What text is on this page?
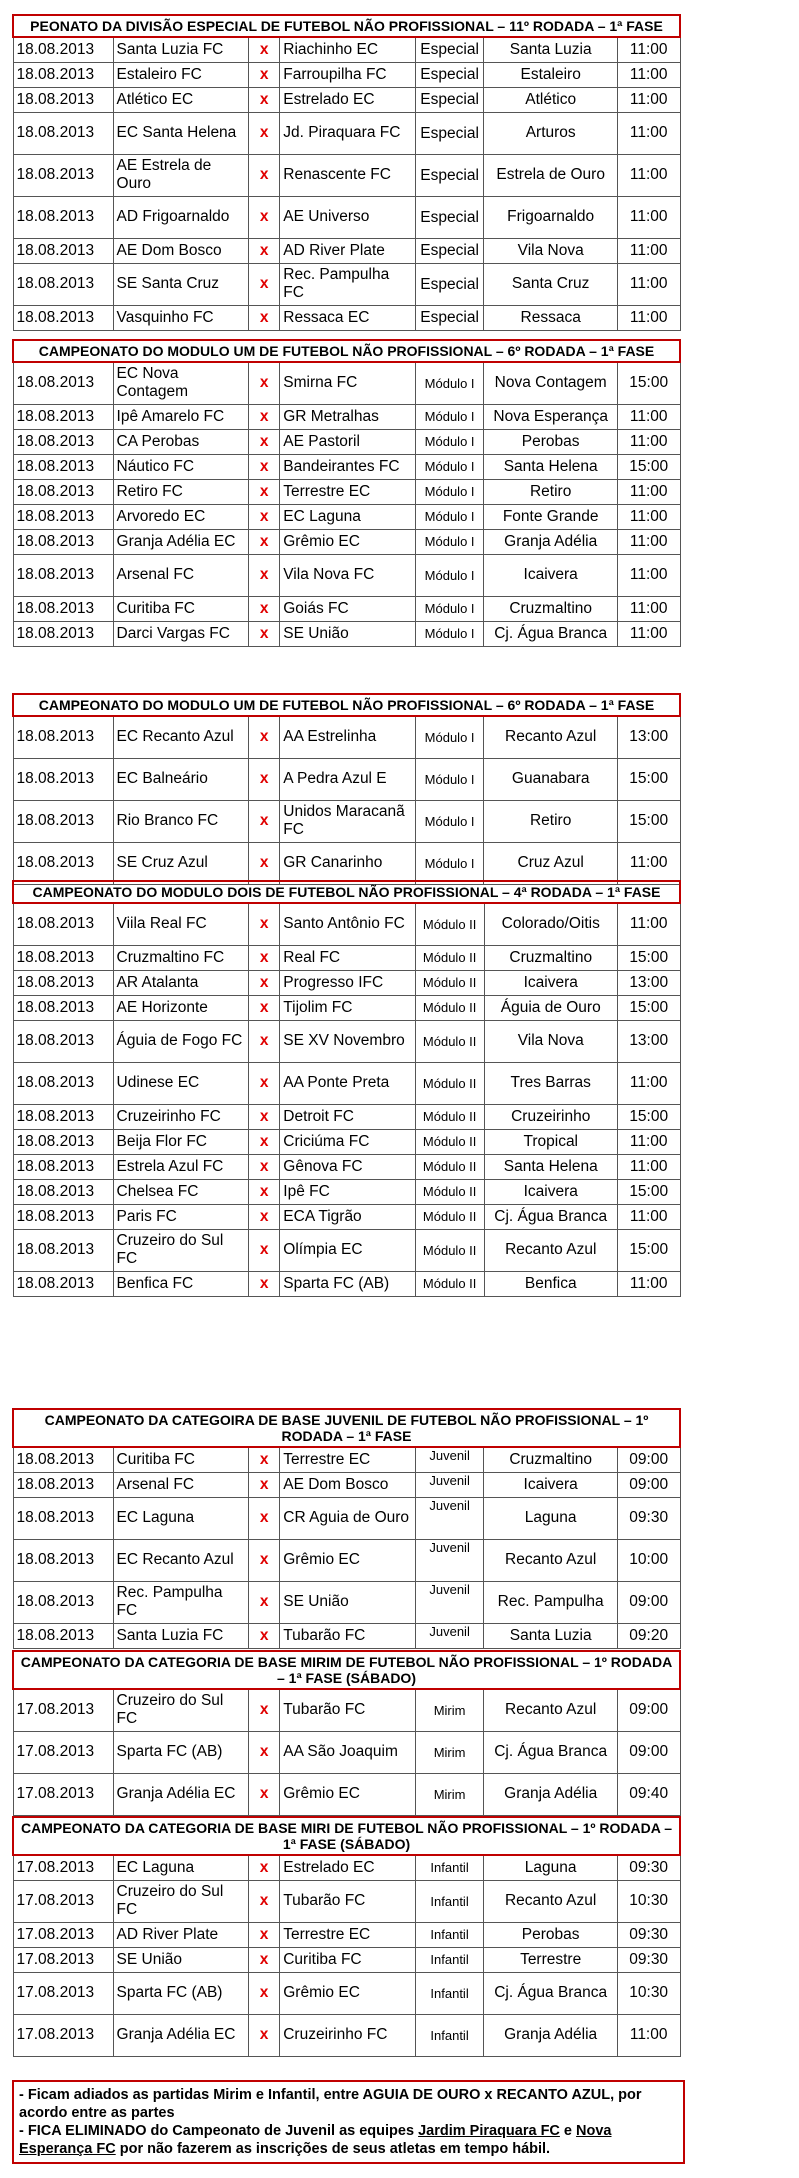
PEONATO DA DIVISÃO ESPECIAL DE FUTEBOL NÃO PROFISSIONAL – 11º RODADA – 1ª FASE						
18.08.2013	Santa Luzia FC	x	Riachinho EC	Especial	Santa Luzia	11:00
18.08.2013	Estaleiro FC	x	Farroupilha FC	Especial	Estaleiro	11:00
18.08.2013	Atlético EC	x	Estrelado EC	Especial	Atlético	11:00
18.08.2013	EC Santa Helena	x	Jd. Piraquara FC	Especial	Arturos	11:00
18.08.2013	AE Estrela de Ouro	x	Renascente FC	Especial	Estrela de Ouro	11:00
18.08.2013	AD Frigoarnaldo	x	AE Universo	Especial	Frigoarnaldo	11:00
18.08.2013	AE Dom Bosco	x	AD River Plate	Especial	Vila Nova	11:00
18.08.2013	SE Santa Cruz	x	Rec. Pampulha FC	Especial	Santa Cruz	11:00
18.08.2013	Vasquinho FC	x	Ressaca EC	Especial	Ressaca	11:00
CAMPEONATO DO MODULO UM DE FUTEBOL NÃO PROFISSIONAL – 6º RODADA – 1ª FASE						
18.08.2013	EC Nova Contagem	x	Smirna FC	Módulo I	Nova Contagem	15:00
18.08.2013	Ipê Amarelo FC	x	GR Metralhas	Módulo I	Nova Esperança	11:00
18.08.2013	CA Perobas	x	AE Pastoril	Módulo I	Perobas	11:00
18.08.2013	Náutico FC	x	Bandeirantes FC	Módulo I	Santa Helena	15:00
18.08.2013	Retiro FC	x	Terrestre EC	Módulo I	Retiro	11:00
18.08.2013	Arvoredo EC	x	EC Laguna	Módulo I	Fonte Grande	11:00
18.08.2013	Granja Adélia EC	x	Grêmio EC	Módulo I	Granja Adélia	11:00
18.08.2013	Arsenal FC	x	Vila Nova FC	Módulo I	Icaivera	11:00
18.08.2013	Curitiba FC	x	Goiás FC	Módulo I	Cruzmaltino	11:00
18.08.2013	Darci Vargas FC	x	SE União	Módulo I	Cj. Água Branca	11:00
CAMPEONATO DO MODULO UM DE FUTEBOL NÃO PROFISSIONAL – 6º RODADA – 1ª FASE						
18.08.2013	EC Recanto Azul	x	AA Estrelinha	Módulo I	Recanto Azul	13:00
18.08.2013	EC Balneário	x	A Pedra Azul E	Módulo I	Guanabara	15:00
18.08.2013	Rio Branco FC	x	Unidos Maracanã FC	Módulo I	Retiro	15:00
18.08.2013	SE Cruz Azul	x	GR Canarinho	Módulo I	Cruz Azul	11:00
CAMPEONATO DO MODULO DOIS DE FUTEBOL NÃO PROFISSIONAL – 4ª RODADA – 1ª FASE						
18.08.2013	Viila Real FC	x	Santo Antônio FC	Módulo II	Colorado/Oitis	11:00
18.08.2013	Cruzmaltino FC	x	Real FC	Módulo II	Cruzmaltino	15:00
18.08.2013	AR Atalanta	x	Progresso IFC	Módulo II	Icaivera	13:00
18.08.2013	AE Horizonte	x	Tijolim FC	Módulo II	Águia de Ouro	15:00
18.08.2013	Águia de Fogo FC	x	SE XV Novembro	Módulo II	Vila Nova	13:00
18.08.2013	Udinese EC	x	AA Ponte Preta	Módulo II	Tres Barras	11:00
18.08.2013	Cruzeirinho FC	x	Detroit FC	Módulo II	Cruzeirinho	15:00
18.08.2013	Beija Flor FC	x	Criciúma FC	Módulo II	Tropical	11:00
18.08.2013	Estrela Azul FC	x	Gênova FC	Módulo II	Santa Helena	11:00
18.08.2013	Chelsea FC	x	Ipê FC	Módulo II	Icaivera	15:00
18.08.2013	Paris FC	x	ECA Tigrão	Módulo II	Cj. Água Branca	11:00
18.08.2013	Cruzeiro do Sul FC	x	Olímpia EC	Módulo II	Recanto Azul	15:00
18.08.2013	Benfica FC	x	Sparta FC (AB)	Módulo II	Benfica	11:00
CAMPEONATO DA CATEGOIRA DE BASE JUVENIL DE FUTEBOL NÃO PROFISSIONAL – 1º RODADA – 1ª FASE						
18.08.2013	Curitiba FC	x	Terrestre EC	Juvenil	Cruzmaltino	09:00
18.08.2013	Arsenal FC	x	AE Dom Bosco	Juvenil	Icaivera	09:00
18.08.2013	EC Laguna	x	CR Aguia de Ouro	Juvenil	Laguna	09:30
18.08.2013	EC Recanto Azul	x	Grêmio EC	Juvenil	Recanto Azul	10:00
18.08.2013	Rec. Pampulha FC	x	SE União	Juvenil	Rec. Pampulha	09:00
18.08.2013	Santa Luzia FC	x	Tubarão FC	Juvenil	Santa Luzia	09:20
CAMPEONATO DA CATEGORIA DE BASE MIRIM DE FUTEBOL NÃO PROFISSIONAL – 1º RODADA – 1ª FASE (SÁBADO)						
17.08.2013	Cruzeiro do Sul FC	x	Tubarão FC	Mirim	Recanto Azul	09:00
17.08.2013	Sparta FC (AB)	x	AA São Joaquim	Mirim	Cj. Água Branca	09:00
17.08.2013	Granja Adélia EC	x	Grêmio EC	Mirim	Granja Adélia	09:40
CAMPEONATO DA CATEGORIA DE BASE MIRI DE FUTEBOL NÃO PROFISSIONAL – 1º RODADA – 1ª FASE (SÁBADO)						
17.08.2013	EC Laguna	x	Estrelado EC	Infantil	Laguna	09:30
17.08.2013	Cruzeiro do Sul FC	x	Tubarão FC	Infantil	Recanto Azul	10:30
17.08.2013	AD River Plate	x	Terrestre EC	Infantil	Perobas	09:30
17.08.2013	SE União	x	Curitiba FC	Infantil	Terrestre	09:30
17.08.2013	Sparta FC (AB)	x	Grêmio EC	Infantil	Cj. Água Branca	10:30
17.08.2013	Granja Adélia EC	x	Cruzeirinho FC	Infantil	Granja Adélia	11:00
- Ficam adiados as partidas Mirim e Infantil, entre AGUIA DE OURO x RECANTO AZUL, por acordo entre as partes
- FICA ELIMINADO do Campeonato de Juvenil as equipes Jardim Piraquara FC e Nova Esperança FC por não fazerem as inscrições de seus atletas em tempo hábil.
